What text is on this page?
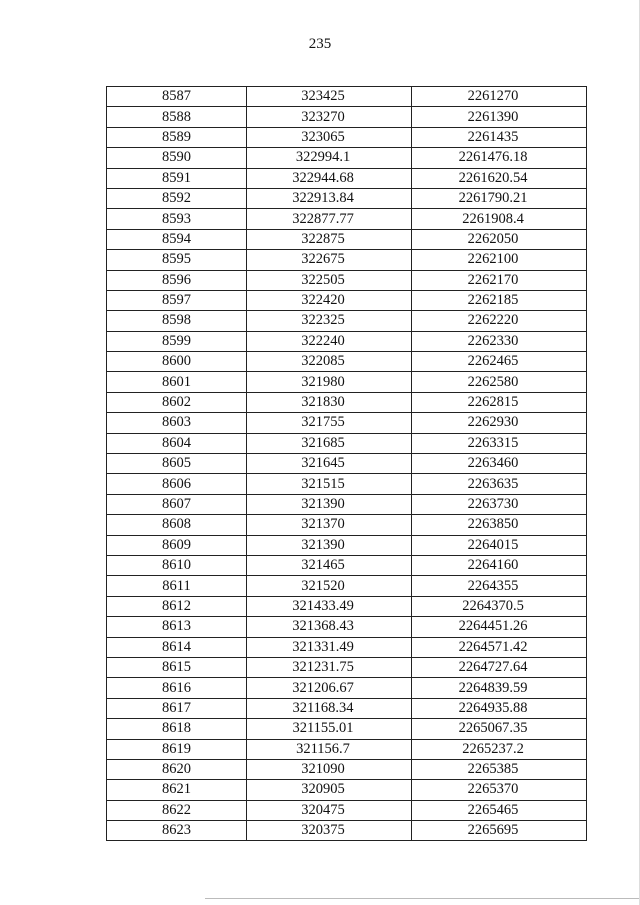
235
8587	323425	2261270
8588	323270	2261390
8589	323065	2261435
8590	322994.1	2261476.18
8591	322944.68	2261620.54
8592	322913.84	2261790.21
8593	322877.77	2261908.4
8594	322875	2262050
8595	322675	2262100
8596	322505	2262170
8597	322420	2262185
8598	322325	2262220
8599	322240	2262330
8600	322085	2262465
8601	321980	2262580
8602	321830	2262815
8603	321755	2262930
8604	321685	2263315
8605	321645	2263460
8606	321515	2263635
8607	321390	2263730
8608	321370	2263850
8609	321390	2264015
8610	321465	2264160
8611	321520	2264355
8612	321433.49	2264370.5
8613	321368.43	2264451.26
8614	321331.49	2264571.42
8615	321231.75	2264727.64
8616	321206.67	2264839.59
8617	321168.34	2264935.88
8618	321155.01	2265067.35
8619	321156.7	2265237.2
8620	321090	2265385
8621	320905	2265370
8622	320475	2265465
8623	320375	2265695
